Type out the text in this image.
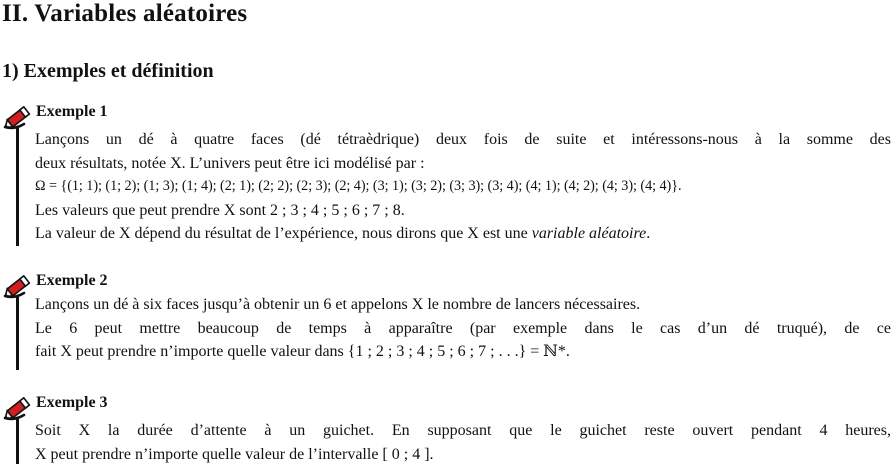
II. Variables aléatoires
1) Exemples et définition
Exemple 1

Lançons un dé à quatre faces (dé tétraèdrique) deux fois de suite et intéressons-nous à la somme des

deux résultats, notée X. L’univers peut être ici modélisé par :

Ω = {(1; 1); (1; 2); (1; 3); (1; 4); (2; 1); (2; 2); (2; 3); (2; 4); (3; 1); (3; 2); (3; 3); (3; 4); (4; 1); (4; 2); (4; 3); (4; 4)}.

Les valeurs que peut prendre X sont 2 ; 3 ; 4 ; 5 ; 6 ; 7 ; 8.

La valeur de X dépend du résultat de l’expérience, nous dirons que X est une variable aléatoire.

Exemple 2

Lançons un dé à six faces jusqu’à obtenir un 6 et appelons X le nombre de lancers nécessaires.

Le 6 peut mettre beaucoup de temps à apparaître (par exemple dans le cas d’un dé truqué), de ce

fait X peut prendre n’importe quelle valeur dans {1 ; 2 ; 3 ; 4 ; 5 ; 6 ; 7 ; . . .} = ℕ*.

Exemple 3

Soit X la durée d’attente à un guichet. En supposant que le guichet reste ouvert pendant 4 heures,

X peut prendre n’importe quelle valeur de l’intervalle [ 0 ; 4 ].
